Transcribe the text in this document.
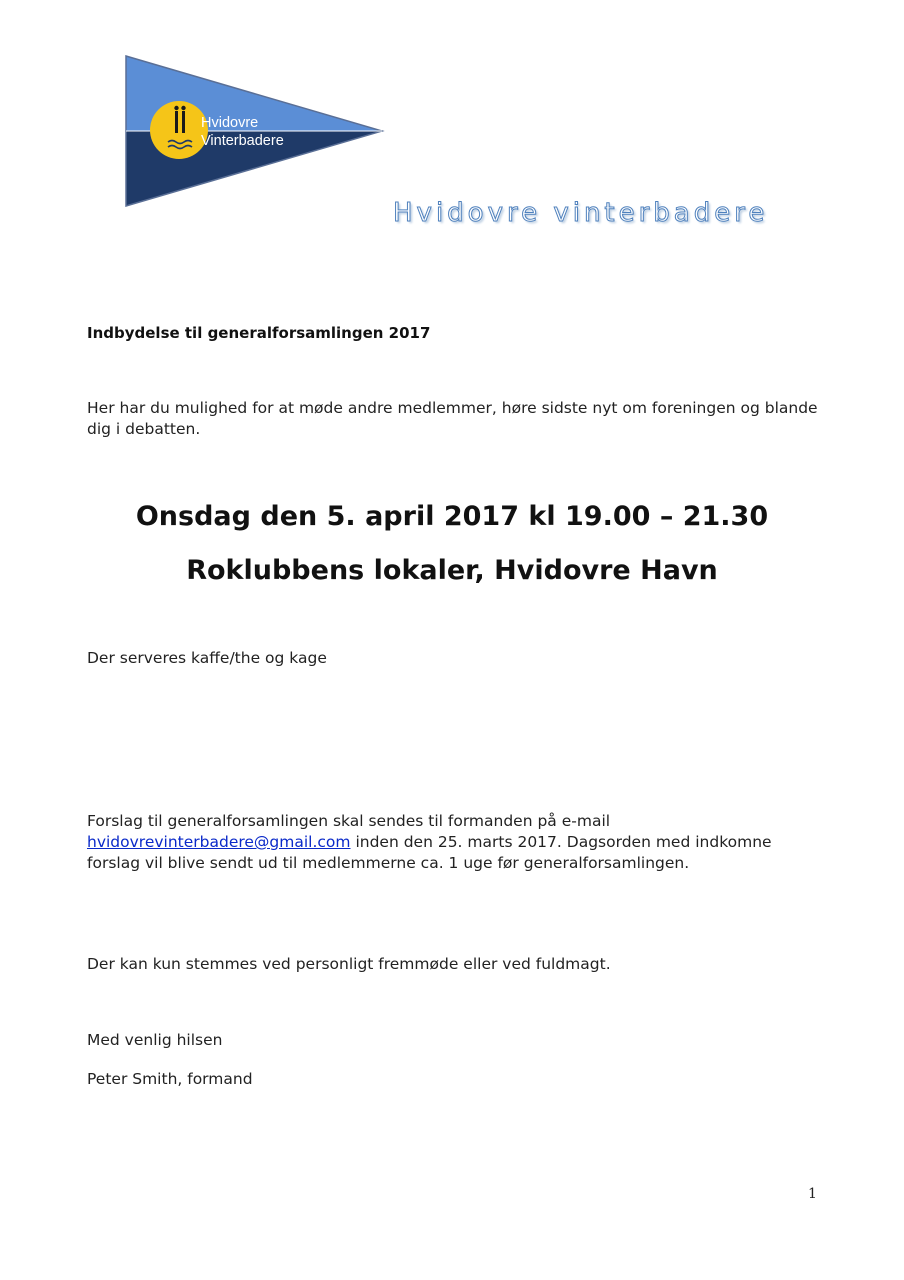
Hvidovre
Vinterbadere
Hvidovre vinterbadere
Indbydelse til generalforsamlingen 2017

Her har du mulighed for at møde andre medlemmer, høre sidste nyt om foreningen og blande dig i debatten.

Onsdag den 5. april 2017 kl 19.00 – 21.30

Roklubbens lokaler, Hvidovre Havn

Der serveres kaffe/the og kage

Forslag til generalforsamlingen skal sendes til formanden på e-mail
hvidovrevinterbadere@gmail.com inden den 25. marts 2017. Dagsorden med indkomne forslag vil blive sendt ud til medlemmerne ca. 1 uge før generalforsamlingen.

Der kan kun stemmes ved personligt fremmøde eller ved fuldmagt.

Med venlig hilsen

Peter Smith, formand

1
